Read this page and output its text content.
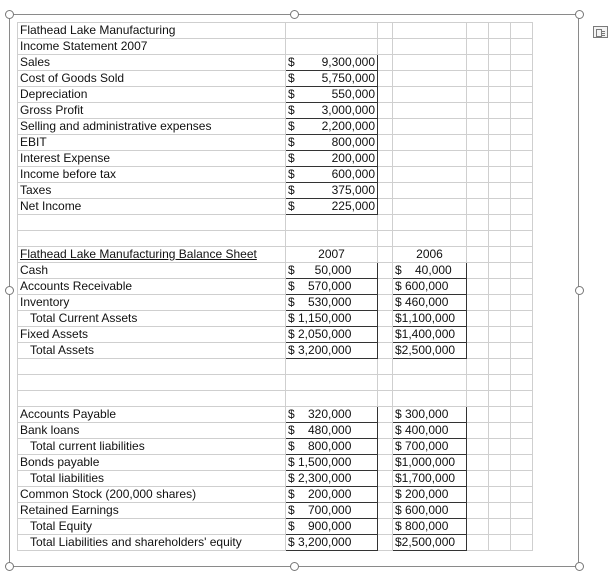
Flathead Lake Manufacturing						
Income Statement 2007						
Sales	$ 9,300,000					

Cost of Goods Sold	$ 5,750,000					

Depreciation	$ 550,000					

Gross Profit	$ 3,000,000					

Selling and administrative expenses	$ 2,200,000					

EBIT	$ 800,000					

Interest Expense	$ 200,000					

Income before tax	$ 600,000					

Taxes	$ 375,000					

Net Income	$ 225,000					

Flathead Lake Manufacturing Balance Sheet	2007		2006			
Cash	$      50,000		$    40,000			
Accounts Receivable	$    570,000		$ 600,000			
Inventory	$    530,000		$ 460,000			
Total Current Assets	$ 1,150,000		$1,100,000			
Fixed Assets	$ 2,050,000		$1,400,000			
Total Assets	$ 3,200,000		$2,500,000			

Accounts Payable	$    320,000		$ 300,000			
Bank loans	$    480,000		$ 400,000			
Total current liabilities	$    800,000		$ 700,000			
Bonds payable	$ 1,500,000		$1,000,000			
Total liabilities	$ 2,300,000		$1,700,000			
Common Stock (200,000 shares)	$    200,000		$ 200,000			
Retained Earnings	$    700,000		$ 600,000			
Total Equity	$    900,000		$ 800,000			
Total Liabilities and shareholders' equity	$ 3,200,000		$2,500,000			
